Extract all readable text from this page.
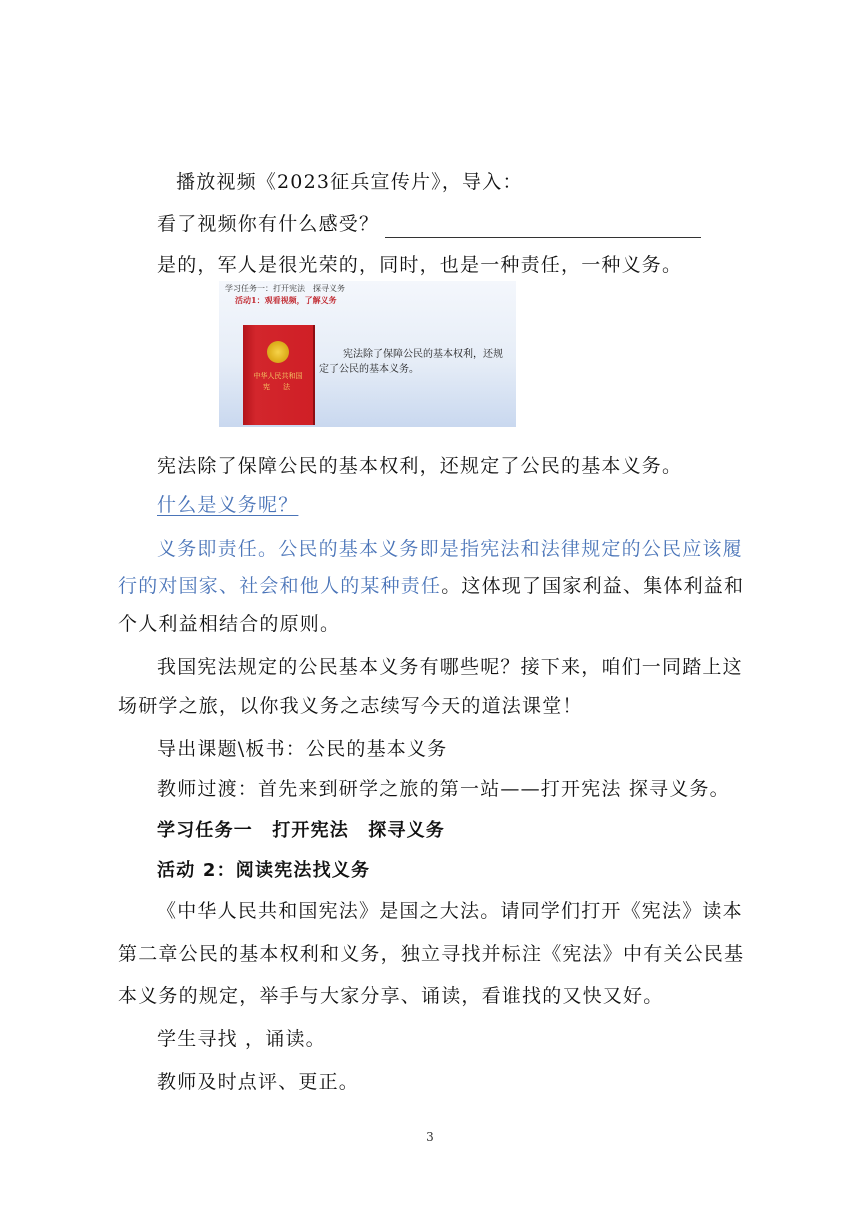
播放视频《2023征兵宣传片》，导入：
看了视频你有什么感受？
是的，军人是很光荣的，同时，也是一种责任，一种义务。
学习任务一：打开宪法　探寻义务
活动1：观看视频，了解义务
中华人民共和国
宪　法
宪法除了保障公民的基本权利，还规定了公民的基本义务。
宪法除了保障公民的基本权利，还规定了公民的基本义务。
什么是义务呢？
义务即责任。公民的基本义务即是指宪法和法律规定的公民应该履
行的对国家、社会和他人的某种责任。这体现了国家利益、集体利益和
个人利益相结合的原则。
我国宪法规定的公民基本义务有哪些呢？接下来，咱们一同踏上这
场研学之旅，以你我义务之志续写今天的道法课堂！
导出课题\板书：公民的基本义务
教师过渡：首先来到研学之旅的第一站——打开宪法 探寻义务。
学习任务一　打开宪法　探寻义务
活动 2：阅读宪法找义务
《中华人民共和国宪法》是国之大法。请同学们打开《宪法》读本
第二章公民的基本权利和义务，独立寻找并标注《宪法》中有关公民基
本义务的规定，举手与大家分享、诵读，看谁找的又快又好。
学生寻找 ，诵读。
教师及时点评、更正。
3
